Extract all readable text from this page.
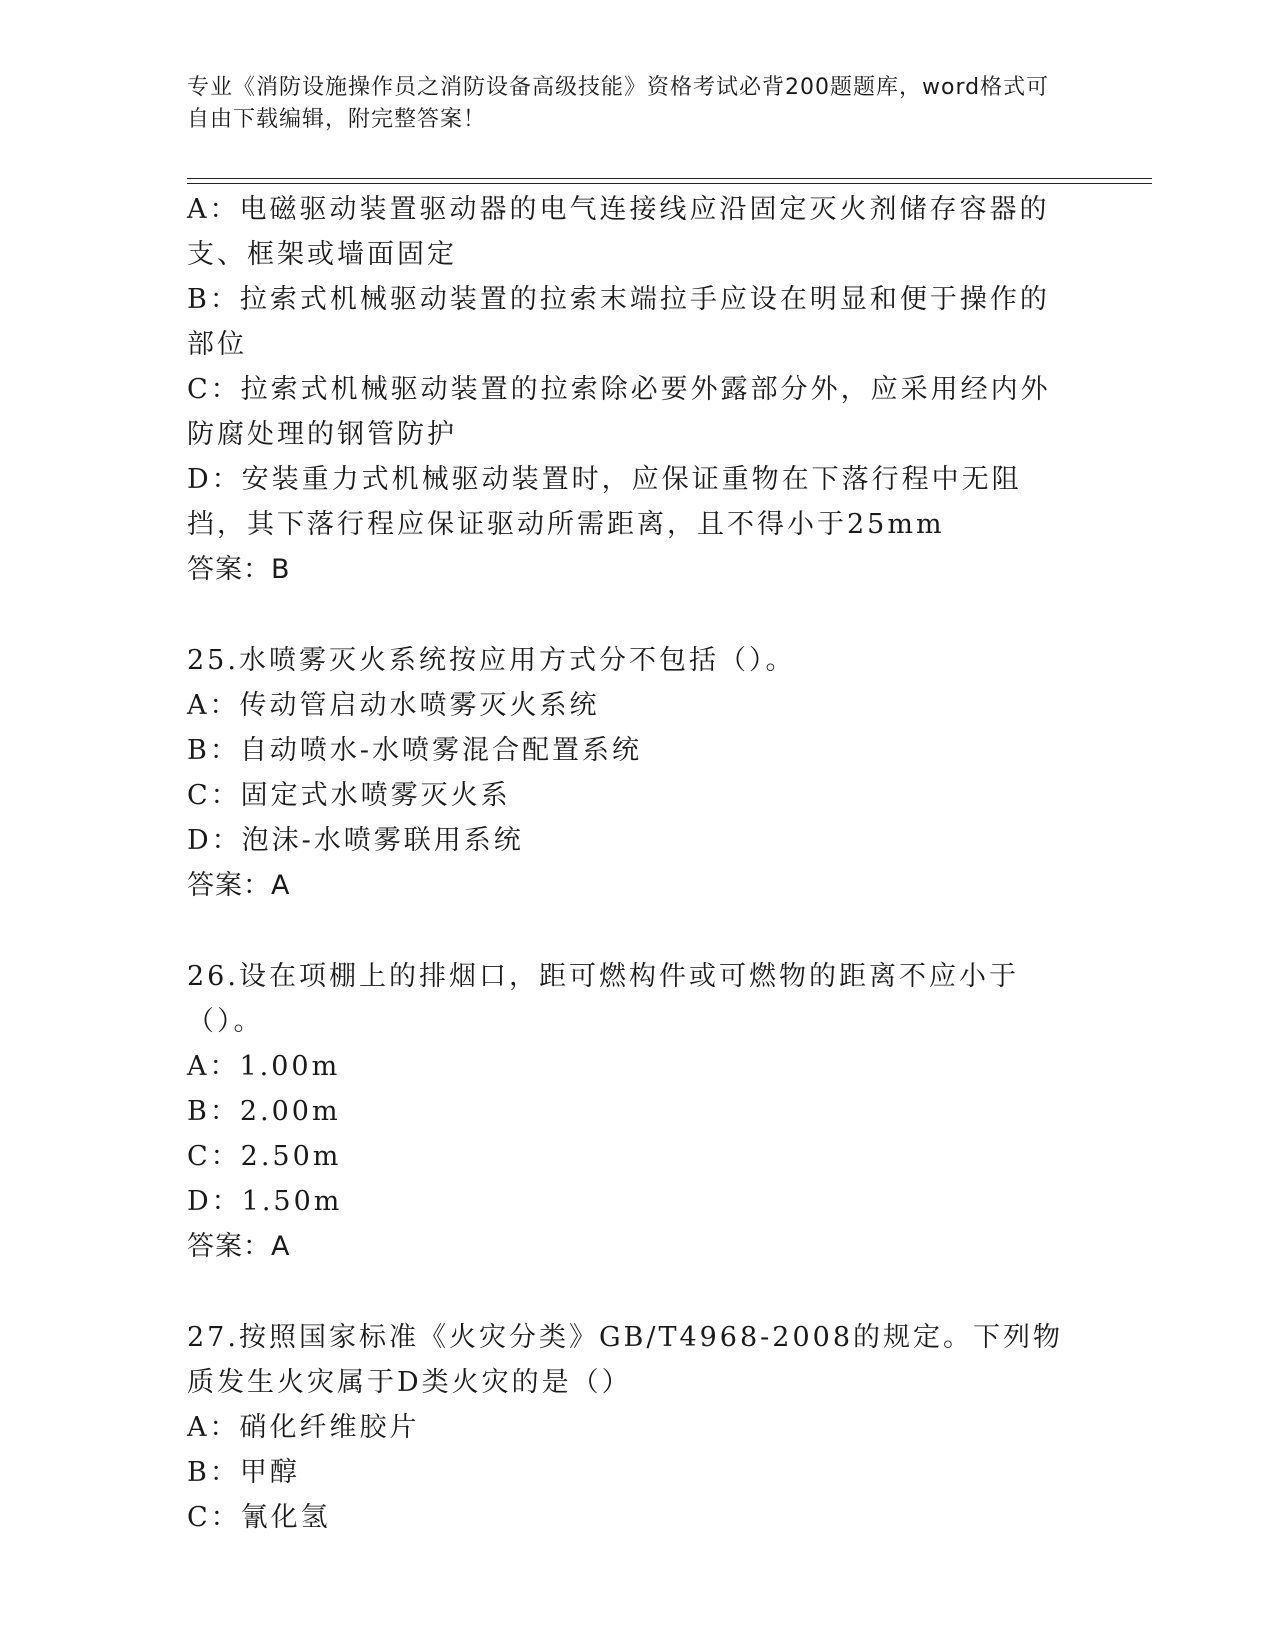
专业《消防设施操作员之消防设备高级技能》资格考试必背200题题库，word格式可自由下载编辑，附完整答案！
A：电磁驱动装置驱动器的电气连接线应沿固定灭火剂储存容器的支、框架或墙面固定
B：拉索式机械驱动装置的拉索末端拉手应设在明显和便于操作的部位
C：拉索式机械驱动装置的拉索除必要外露部分外，应采用经内外防腐处理的钢管防护
D：安装重力式机械驱动装置时，应保证重物在下落行程中无阻挡，其下落行程应保证驱动所需距离，且不得小于25mm
答案：B
25.水喷雾灭火系统按应用方式分不包括（）。
A：传动管启动水喷雾灭火系统
B：自动喷水-水喷雾混合配置系统
C：固定式水喷雾灭火系
D：泡沫-水喷雾联用系统
答案：A
26.设在项棚上的排烟口，距可燃构件或可燃物的距离不应小于（）。
A：1.00m
B：2.00m
C：2.50m
D：1.50m
答案：A
27.按照国家标准《火灾分类》GB/T4968-2008的规定。下列物质发生火灾属于D类火灾的是（）
A：硝化纤维胶片
B：甲醇
C：氰化氢
